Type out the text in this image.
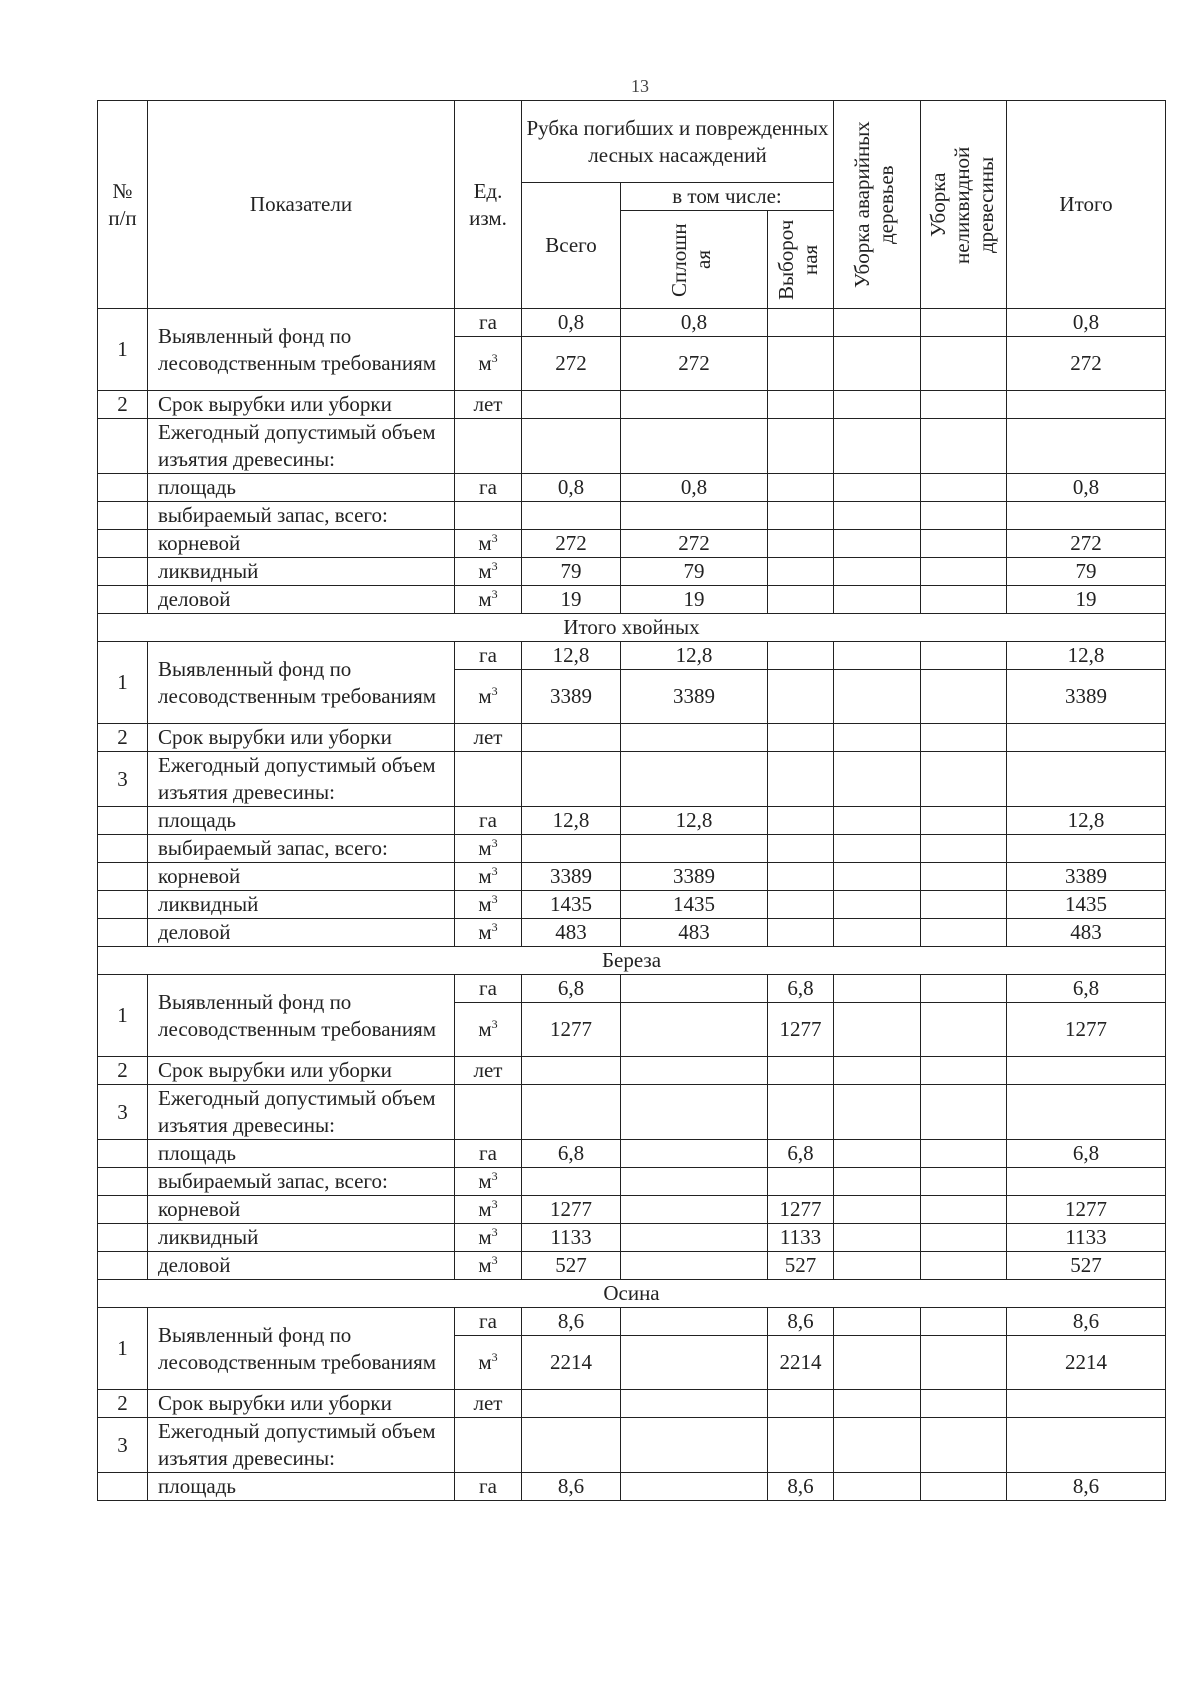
13
№ п/п	Показатели	Ед. изм.	Рубка погибших и поврежденных лесных насаждений			Уборка аварийных деревьев	Уборка неликвидной древесины	Итого
			Всего	в том числе:				

				Сплошн ая	Выбороч ная			

1	Выявленный фонд по лесоводственным требованиям	га	0,8	0,8				0,8
		$м^3$	272	272				272
2	Срок вырубки или уборки	лет						
	Ежегодный допустимый объем изъятия древесины:							
	площадь	га	0,8	0,8				0,8
	выбираемый запас, всего:							
	корневой	$м^3$	272	272				272
	ликвидный	$м^3$	79	79				79
	деловой	$м^3$	19	19				19
Итого хвойных								
1	Выявленный фонд по лесоводственным требованиям	га	12,8	12,8				12,8
		$м^3$	3389	3389				3389
2	Срок вырубки или уборки	лет						
3	Ежегодный допустимый объем изъятия древесины:							
	площадь	га	12,8	12,8				12,8
	выбираемый запас, всего:	$м^3$						
	корневой	$м^3$	3389	3389				3389
	ликвидный	$м^3$	1435	1435				1435
	деловой	$м^3$	483	483				483
Береза								
1	Выявленный фонд по лесоводственным требованиям	га	6,8		6,8			6,8
		$м^3$	1277		1277			1277
2	Срок вырубки или уборки	лет						
3	Ежегодный допустимый объем изъятия древесины:							
	площадь	га	6,8		6,8			6,8
	выбираемый запас, всего:	$м^3$						
	корневой	$м^3$	1277		1277			1277
	ликвидный	$м^3$	1133		1133			1133
	деловой	$м^3$	527		527			527
Осина								
1	Выявленный фонд по лесоводственным требованиям	га	8,6		8,6			8,6
		$м^3$	2214		2214			2214
2	Срок вырубки или уборки	лет						
3	Ежегодный допустимый объем изъятия древесины:							
	площадь	га	8,6		8,6			8,6
